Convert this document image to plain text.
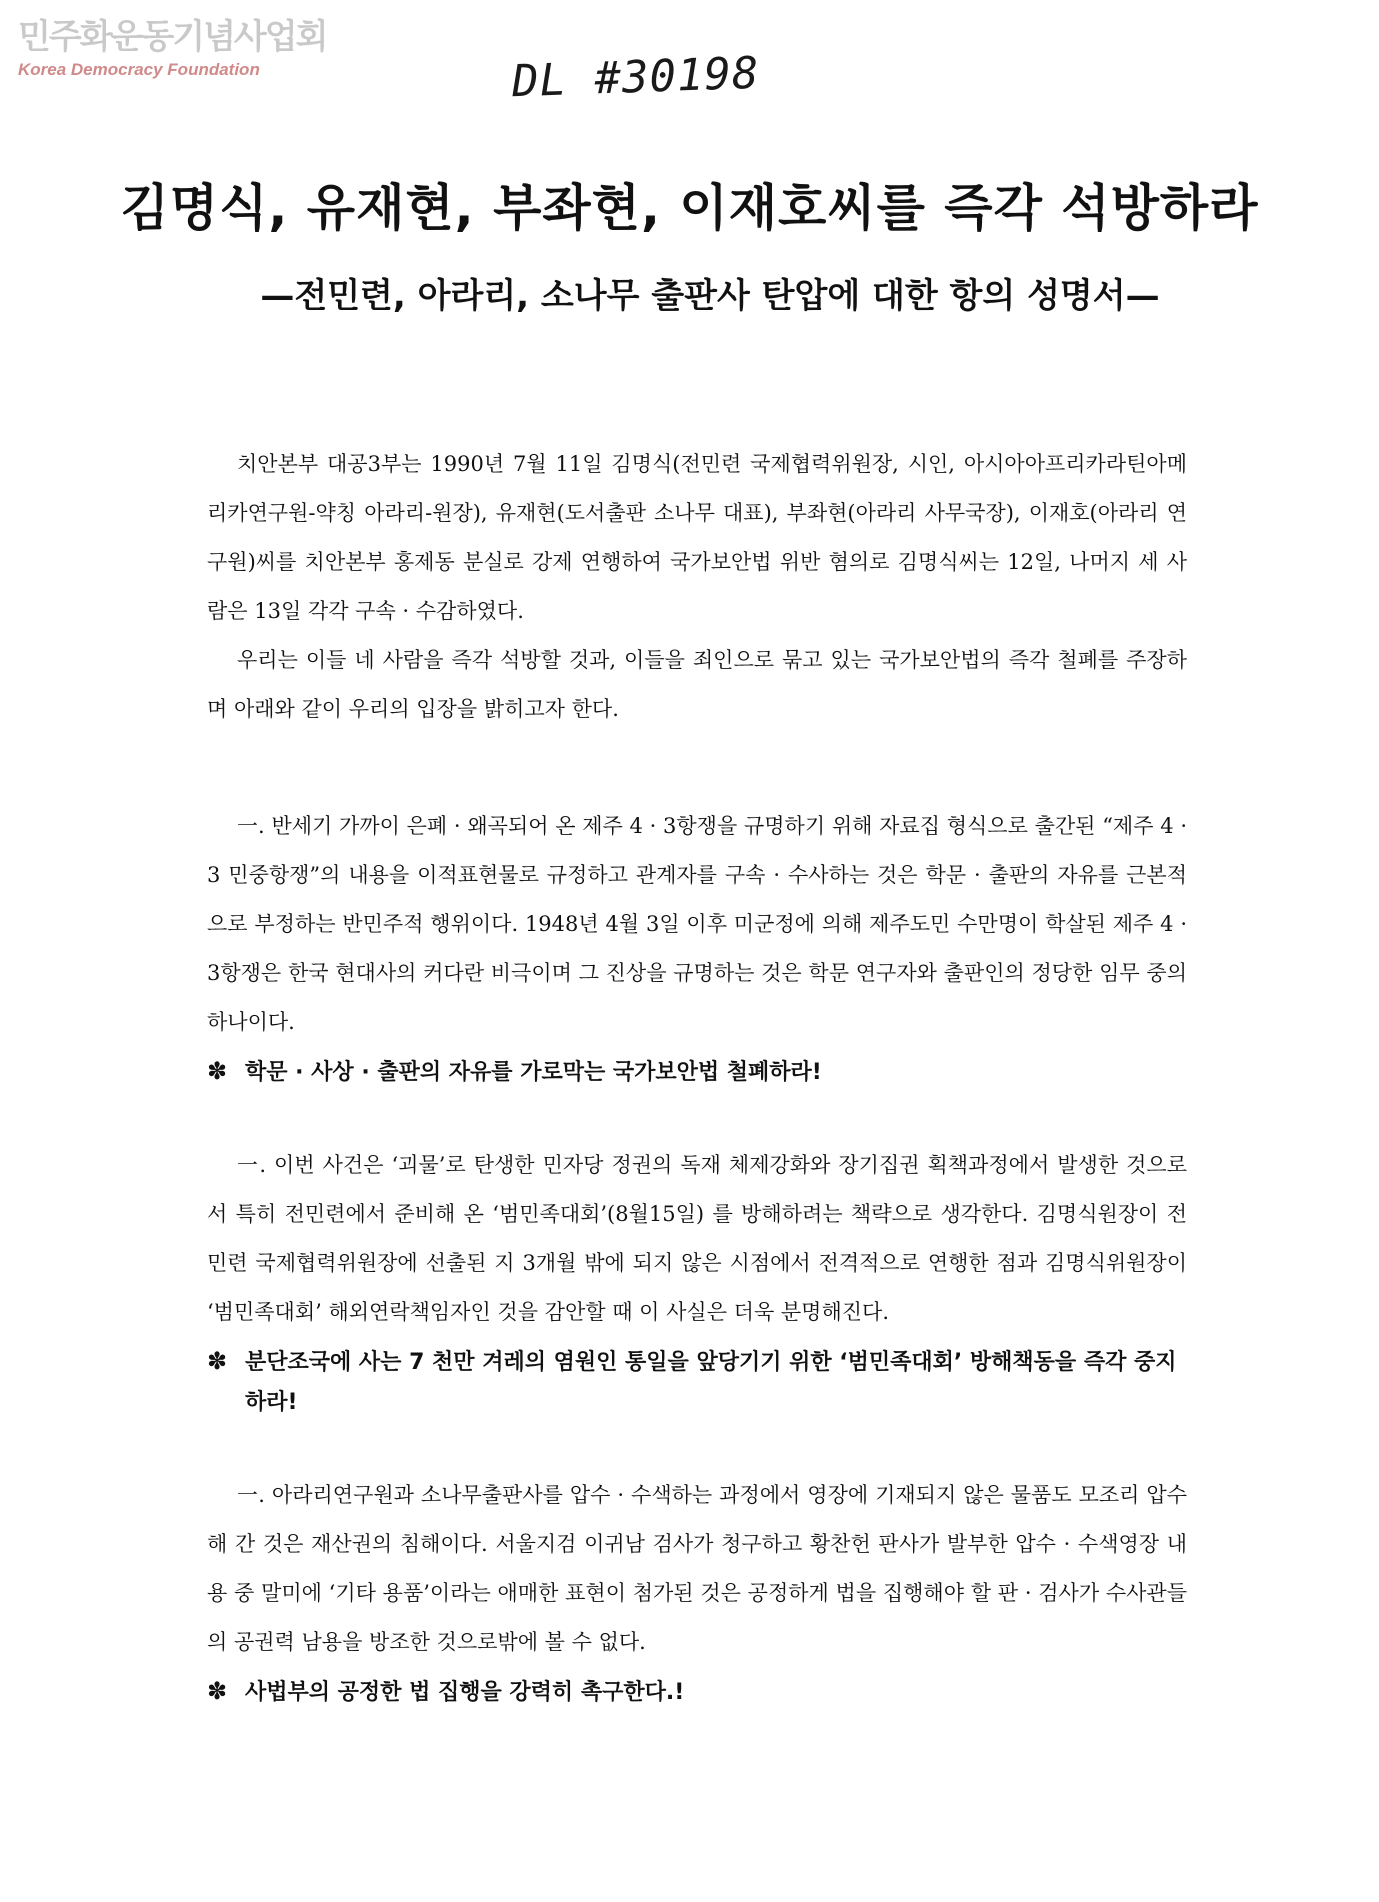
민주화운동기념사업회
Korea Democracy Foundation	DL #30198
김명식, 유재현, 부좌현, 이재호씨를 즉각 석방하라
—전민련, 아라리, 소나무 출판사 탄압에 대한 항의 성명서—

치안본부 대공3부는 1990년 7월 11일 김명식(전민련 국제협력위원장, 시인, 아시아아프리카라틴아메리카연구원-약칭 아라리-원장), 유재현(도서출판 소나무 대표), 부좌현(아라리 사무국장), 이재호(아라리 연구원)씨를 치안본부 홍제동 분실로 강제 연행하여 국가보안법 위반 혐의로 김명식씨는 12일, 나머지 세 사람은 13일 각각 구속 · 수감하였다.

우리는 이들 네 사람을 즉각 석방할 것과, 이들을 죄인으로 묶고 있는 국가보안법의 즉각 철폐를 주장하며 아래와 같이 우리의 입장을 밝히고자 한다.

一. 반세기 가까이 은폐 · 왜곡되어 온 제주 4 · 3항쟁을 규명하기 위해 자료집 형식으로 출간된 “제주 4 · 3 민중항쟁”의 내용을 이적표현물로 규정하고 관계자를 구속 · 수사하는 것은 학문 · 출판의 자유를 근본적으로 부정하는 반민주적 행위이다. 1948년 4월 3일 이후 미군정에 의해 제주도민 수만명이 학살된 제주 4 · 3항쟁은 한국 현대사의 커다란 비극이며 그 진상을 규명하는 것은 학문 연구자와 출판인의 정당한 임무 중의 하나이다.

✽ 학문 · 사상 · 출판의 자유를 가로막는 국가보안법 철폐하라!

一. 이번 사건은 ‘괴물’로 탄생한 민자당 정권의 독재 체제강화와 장기집권 획책과정에서 발생한 것으로서 특히 전민련에서 준비해 온 ‘범민족대회’(8월15일) 를 방해하려는 책략으로 생각한다. 김명식원장이 전민련 국제협력위원장에 선출된 지 3개월 밖에 되지 않은 시점에서 전격적으로 연행한 점과 김명식위원장이 ‘범민족대회’ 해외연락책임자인 것을 감안할 때 이 사실은 더욱 분명해진다.

✽ 분단조국에 사는 7 천만 겨레의 염원인 통일을 앞당기기 위한 ‘범민족대회’ 방해책동을 즉각 중지하라!

一. 아라리연구원과 소나무출판사를 압수 · 수색하는 과정에서 영장에 기재되지 않은 물품도 모조리 압수해 간 것은 재산권의 침해이다. 서울지검 이귀남 검사가 청구하고 황찬헌 판사가 발부한 압수 · 수색영장 내용 중 말미에 ‘기타 용품’이라는 애매한 표현이 첨가된 것은 공정하게 법을 집행해야 할 판 · 검사가 수사관들의 공권력 남용을 방조한 것으로밖에 볼 수 없다.

✽ 사법부의 공정한 법 집행을 강력히 촉구한다.!
